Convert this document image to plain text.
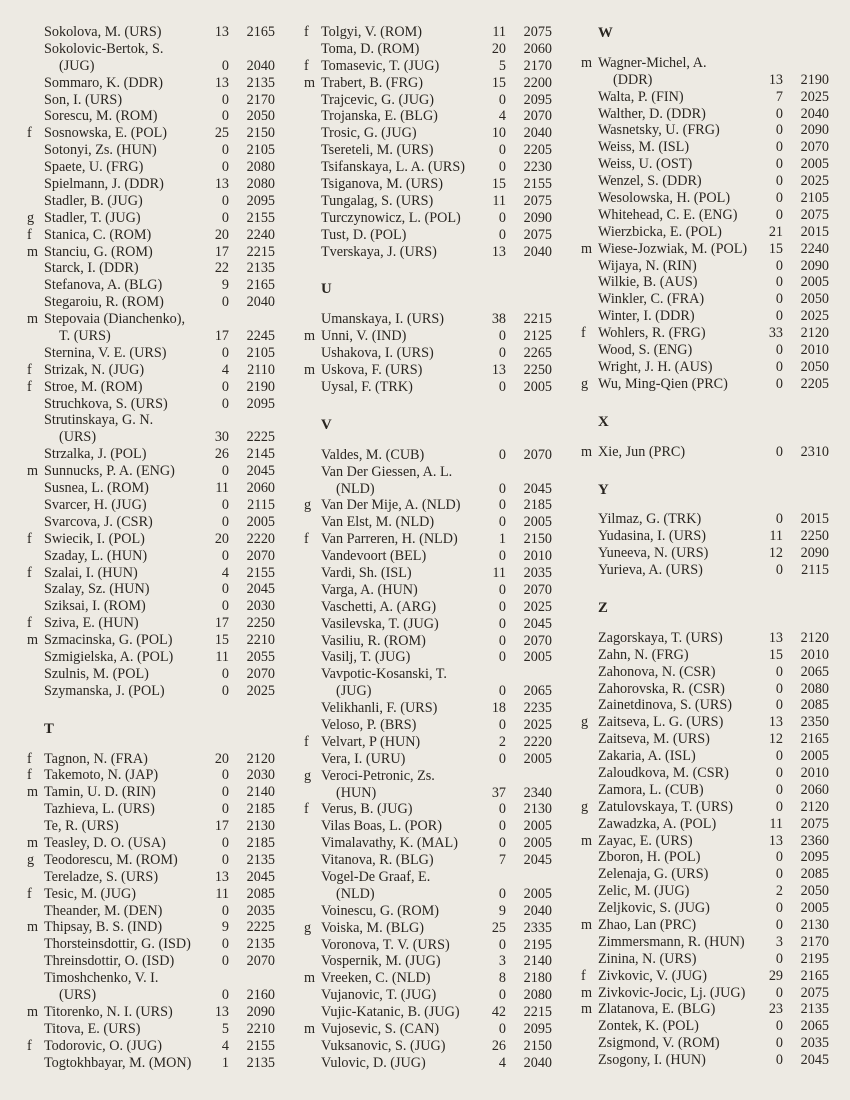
Sokolova, M. (URS)	13	2165
Sokolovic-Bertok, S.
(JUG)	0	2040
Sommaro, K. (DDR)	13	2135
Son, I. (URS)	0	2170
Sorescu, M. (ROM)	0	2050
f Sosnowska, E. (POL)	25	2150
Sotonyi, Zs. (HUN)	0	2105
Spaete, U. (FRG)	0	2080
Spielmann, J. (DDR)	13	2080
Stadler, B. (JUG)	0	2095
g Stadler, T. (JUG)	0	2155
f Stanica, C. (ROM)	20	2240
m Stanciu, G. (ROM)	17	2215
Starck, I. (DDR)	22	2135
Stefanova, A. (BLG)	9	2165
Stegaroiu, R. (ROM)	0	2040
m Stepovaia (Dianchenko),
T. (URS)	17	2245
Sternina, V. E. (URS)	0	2105
f Strizak, N. (JUG)	4	2110
f Stroe, M. (ROM)	0	2190
Struchkova, S. (URS)	0	2095
Strutinskaya, G. N.
(URS)	30	2225
Strzalka, J. (POL)	26	2145
m Sunnucks, P. A. (ENG)	0	2045
Susnea, L. (ROM)	11	2060
Svarcer, H. (JUG)	0	2115
Svarcova, J. (CSR)	0	2005
f Swiecik, I. (POL)	20	2220
Szaday, L. (HUN)	0	2070
f Szalai, I. (HUN)	4	2155
Szalay, Sz. (HUN)	0	2045
Sziksai, I. (ROM)	0	2030
f Sziva, E. (HUN)	17	2250
m Szmacinska, G. (POL)	15	2210
Szmigielska, A. (POL)	11	2055
Szulnis, M. (POL)	0	2070
Szymanska, J. (POL)	0	2025
T
f Tagnon, N. (FRA)	20	2120
f Takemoto, N. (JAP)	0	2030
m Tamin, U. D. (RIN)	0	2140
Tazhieva, L. (URS)	0	2185
Te, R. (URS)	17	2130
m Teasley, D. O. (USA)	0	2185
g Teodorescu, M. (ROM)	0	2135
Tereladze, S. (URS)	13	2045
f Tesic, M. (JUG)	11	2085
Theander, M. (DEN)	0	2035
m Thipsay, B. S. (IND)	9	2225
Thorsteinsdottir, G. (ISD)	0	2135
Threinsdottir, O. (ISD)	0	2070
Timoshchenko, V. I.
(URS)	0	2160
m Titorenko, N. I. (URS)	13	2090
Titova, E. (URS)	5	2210
f Todorovic, O. (JUG)	4	2155
Togtokhbayar, M. (MON)	1	2135
f Tolgyi, V. (ROM)	11	2075
Toma, D. (ROM)	20	2060
f Tomasevic, T. (JUG)	5	2170
m Trabert, B. (FRG)	15	2200
Trajcevic, G. (JUG)	0	2095
Trojanska, E. (BLG)	4	2070
Trosic, G. (JUG)	10	2040
Tsereteli, M. (URS)	0	2205
Tsifanskaya, L. A. (URS)	0	2230
Tsiganova, M. (URS)	15	2155
Tungalag, S. (URS)	11	2075
Turczynowicz, L. (POL)	0	2090
Tust, D. (POL)	0	2075
Tverskaya, J. (URS)	13	2040
U
Umanskaya, I. (URS)	38	2215
m Unni, V. (IND)	0	2125
Ushakova, I. (URS)	0	2265
m Uskova, F. (URS)	13	2250
Uysal, F. (TRK)	0	2005
V
Valdes, M. (CUB)	0	2070
Van Der Giessen, A. L.
(NLD)	0	2045
g Van Der Mije, A. (NLD)	0	2185
Van Elst, M. (NLD)	0	2005
f Van Parreren, H. (NLD)	1	2150
Vandevoort (BEL)	0	2010
Vardi, Sh. (ISL)	11	2035
Varga, A. (HUN)	0	2070
Vaschetti, A. (ARG)	0	2025
Vasilevska, T. (JUG)	0	2045
Vasiliu, R. (ROM)	0	2070
Vasilj, T. (JUG)	0	2005
Vavpotic-Kosanski, T.
(JUG)	0	2065
Velikhanli, F. (URS)	18	2235
Veloso, P. (BRS)	0	2025
f Velvart, P (HUN)	2	2220
Vera, I. (URU)	0	2005
g Veroci-Petronic, Zs.
(HUN)	37	2340
f Verus, B. (JUG)	0	2130
Vilas Boas, L. (POR)	0	2005
Vimalavathy, K. (MAL)	0	2005
Vitanova, R. (BLG)	7	2045
Vogel-De Graaf, E.
(NLD)	0	2005
Voinescu, G. (ROM)	9	2040
g Voiska, M. (BLG)	25	2335
Voronova, T. V. (URS)	0	2195
Vospernik, M. (JUG)	3	2140
m Vreeken, C. (NLD)	8	2180
Vujanovic, T. (JUG)	0	2080
Vujic-Katanic, B. (JUG)	42	2215
m Vujosevic, S. (CAN)	0	2095
Vuksanovic, S. (JUG)	26	2150
Vulovic, D. (JUG)	4	2040
W
m Wagner-Michel, A.
(DDR)	13	2190
Walta, P. (FIN)	7	2025
Walther, D. (DDR)	0	2040
Wasnetsky, U. (FRG)	0	2090
Weiss, M. (ISL)	0	2070
Weiss, U. (OST)	0	2005
Wenzel, S. (DDR)	0	2025
Wesolowska, H. (POL)	0	2105
Whitehead, C. E. (ENG)	0	2075
Wierzbicka, E. (POL)	21	2015
m Wiese-Jozwiak, M. (POL)	15	2240
Wijaya, N. (RIN)	0	2090
Wilkie, B. (AUS)	0	2005
Winkler, C. (FRA)	0	2050
Winter, I. (DDR)	0	2025
f Wohlers, R. (FRG)	33	2120
Wood, S. (ENG)	0	2010
Wright, J. H. (AUS)	0	2050
g Wu, Ming-Qien (PRC)	0	2205
X
m Xie, Jun (PRC)	0	2310
Y
Yilmaz, G. (TRK)	0	2015
Yudasina, I. (URS)	11	2250
Yuneeva, N. (URS)	12	2090
Yurieva, A. (URS)	0	2115
Z
Zagorskaya, T. (URS)	13	2120
Zahn, N. (FRG)	15	2010
Zahonova, N. (CSR)	0	2065
Zahorovska, R. (CSR)	0	2080
Zainetdinova, S. (URS)	0	2085
g Zaitseva, L. G. (URS)	13	2350
Zaitseva, M. (URS)	12	2165
Zakaria, A. (ISL)	0	2005
Zaloudkova, M. (CSR)	0	2010
Zamora, L. (CUB)	0	2060
g Zatulovskaya, T. (URS)	0	2120
Zawadzka, A. (POL)	11	2075
m Zayac, E. (URS)	13	2360
Zboron, H. (POL)	0	2095
Zelenaja, G. (URS)	0	2085
Zelic, M. (JUG)	2	2050
Zeljkovic, S. (JUG)	0	2005
m Zhao, Lan (PRC)	0	2130
Zimmersmann, R. (HUN)	3	2170
Zinina, N. (URS)	0	2195
f Zivkovic, V. (JUG)	29	2165
m Zivkovic-Jocic, Lj. (JUG)	0	2075
m Zlatanova, E. (BLG)	23	2135
Zontek, K. (POL)	0	2065
Zsigmond, V. (ROM)	0	2035
Zsogony, I. (HUN)	0	2045
